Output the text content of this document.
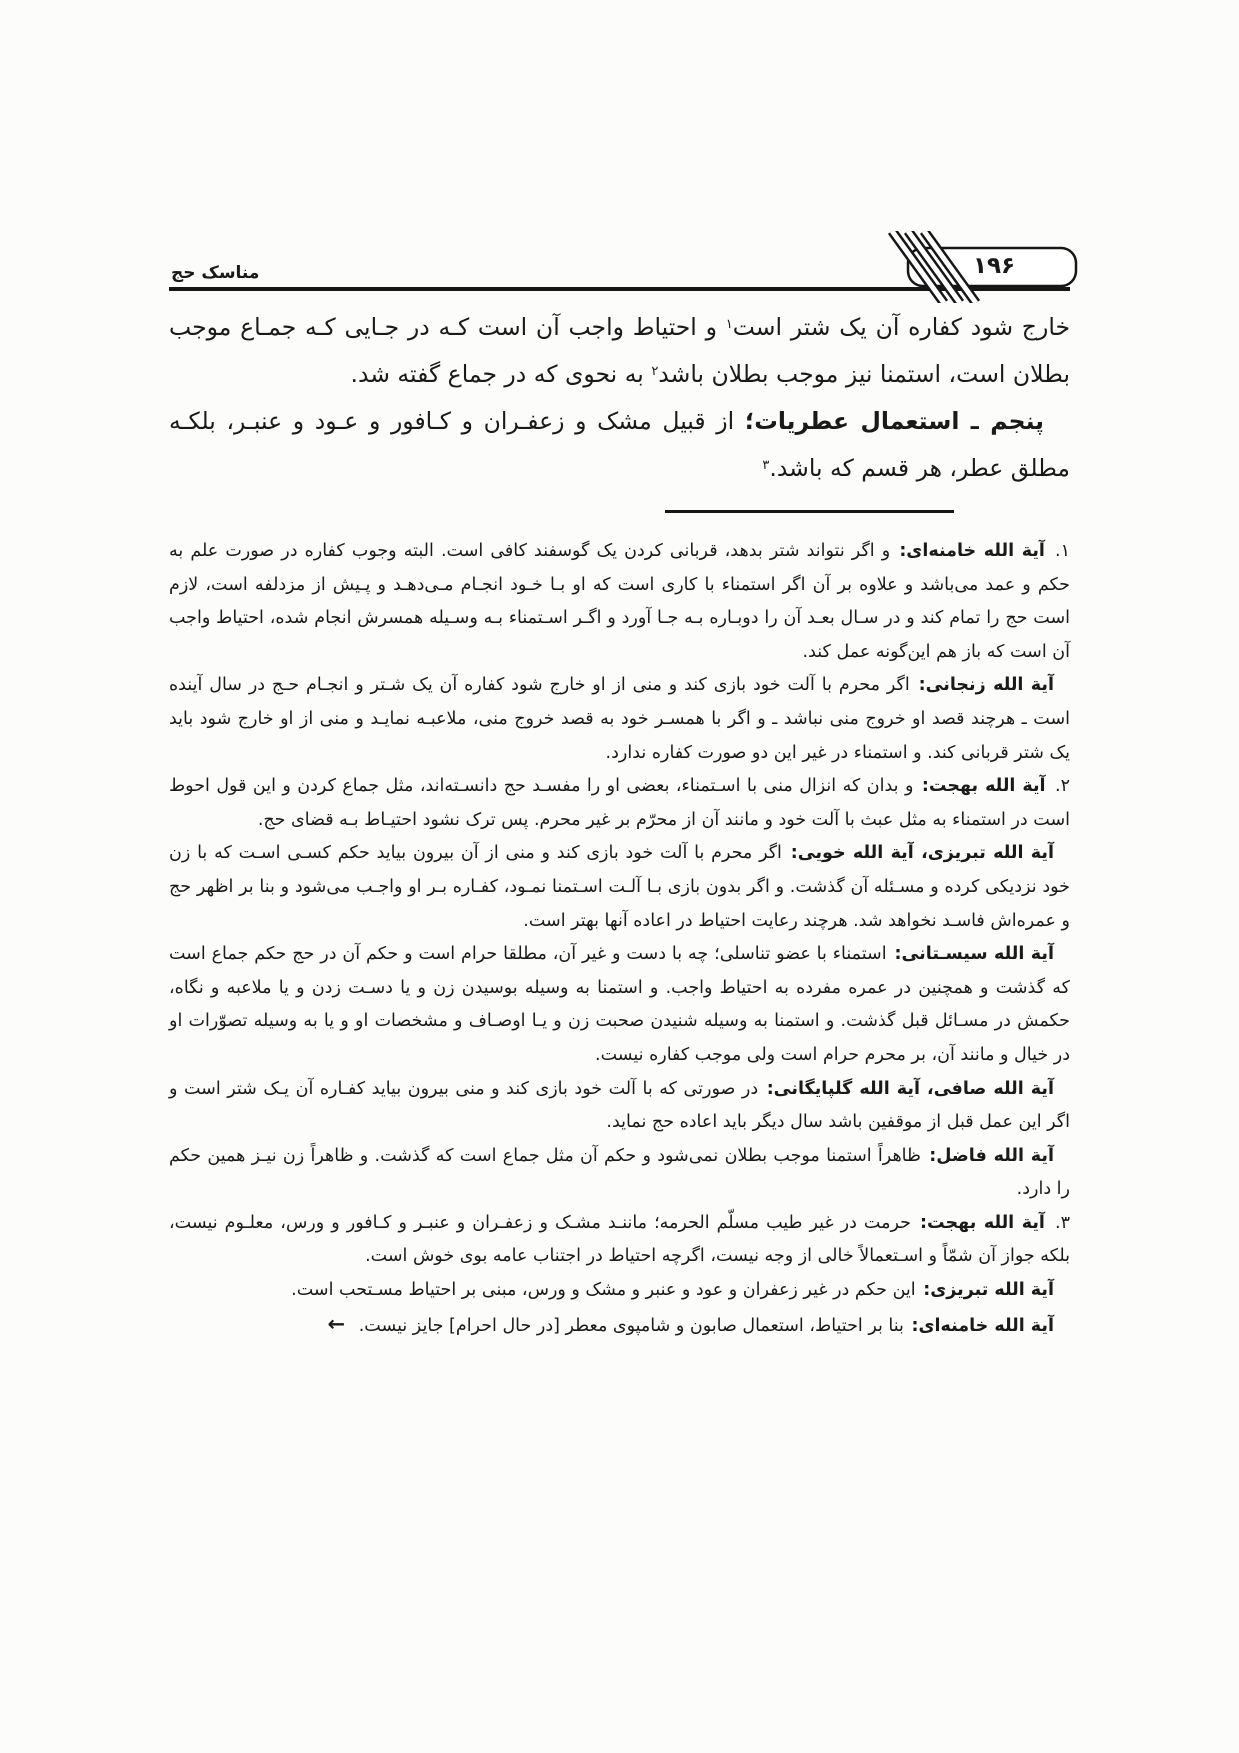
مناسک حج	۱۹۶

خارج شود کفاره آن یک شتر است$^۱$ و احتیاط واجب آن است کـه در جـایی کـه جمـاع موجب بطلان است، استمنا نیز موجب بطلان باشد$^۲$ به نحوی که در جماع گفته شد.

پنجم ـ استعمال عطریات؛ از قبیل مشک و زعفـران و کـافور و عـود و عنبـر، بلکـه مطلق عطر، هر قسم که باشد.$^۳$

۱. آیة الله خامنه‌ای: و اگر نتواند شتر بدهد، قربانی کردن یک گوسفند کافی است. البته وجوب کفاره در صورت علم به حکم و عمد می‌باشد و علاوه بر آن اگر استمناء با کاری است که او بـا خـود انجـام مـی‌دهـد و پـیش از مزدلفه است، لازم است حج را تمام کند و در سـال بعـد آن را دوبـاره بـه جـا آورد و اگـر اسـتمناء بـه وسـیله همسرش انجام شده، احتیاط واجب آن است که باز هم این‌گونه عمل کند.

آیة الله زنجانی: اگر محرم با آلت خود بازی کند و منی از او خارج شود کفاره آن یک شـتر و انجـام حـج در سال آینده است ـ هرچند قصد او خروج منی نباشد ـ و اگر با همسـر خود به قصد خروج منی، ملاعبـه نمایـد و منی از او خارج شود باید یک شتر قربانی کند. و استمناء در غیر این دو صورت کفاره ندارد.

۲. آیة الله بهجت: و بدان که انزال منی با اسـتمناء، بعضی او را مفسـد حج دانسـته‌اند، مثل جماع کردن و این قول احوط است در استمناء به مثل عبث با آلت خود و مانند آن از محرّم بر غیر محرم. پس ترک نشود احتیـاط بـه قضای حج.

آیة الله تبریزی، آیة الله خویی: اگر محرم با آلت خود بازی کند و منی از آن بیرون بیاید حکم کسـی اسـت که با زن خود نزدیکی کرده و مسـئله آن گذشت. و اگر بدون بازی بـا آلـت اسـتمنا نمـود، کفـاره بـر او واجـب می‌شود و بنا بر اظهر حج و عمره‌اش فاسـد نخواهد شد. هرچند رعایت احتیاط در اعاده آنها بهتر است.

آیة الله سیسـتانی: استمناء با عضو تناسلی؛ چه با دست و غیر آن، مطلقا حرام است و حکم آن در حج حکم جماع است که گذشت و همچنین در عمره مفرده به احتیاط واجب. و استمنا به وسیله بوسیدن زن و یا دسـت زدن و یا ملاعبه و نگاه، حکمش در مسـائل قبل گذشت. و استمنا به وسیله شنیدن صحبت زن و یـا اوصـاف و مشخصات او و یا به وسیله تصوّرات او در خیال و مانند آن، بر محرم حرام است ولی موجب کفاره نیست.

آیة الله صافی، آیة الله گلپایگانی: در صورتی که با آلت خود بازی کند و منی بیرون بیاید کفـاره آن یـک شتر است و اگر این عمل قبل از موقفین باشد سال دیگر باید اعاده حج نماید.

آیة الله فاضل: ظاهراً استمنا موجب بطلان نمی‌شود و حکم آن مثل جماع است که گذشت. و ظاهراً زن نیـز همین حکم را دارد.

۳. آیة الله بهجت: حرمت در غیر طیب مسلّم الحرمه؛ ماننـد مشـک و زعفـران و عنبـر و کـافور و ورس، معلـوم نیست، بلکه جواز آن شمّاً و اسـتعمالاً خالی از وجه نیست، اگرچه احتیاط در اجتناب عامه بوی خوش است.

آیة الله تبریزی: این حکم در غیر زعفران و عود و عنبر و مشک و ورس، مبنی بر احتیاط مسـتحب است.

آیة الله خامنه‌ای: بنا بر احتیاط، استعمال صابون و شامپوی معطر [در حال احرام] جایز نیست. ←
